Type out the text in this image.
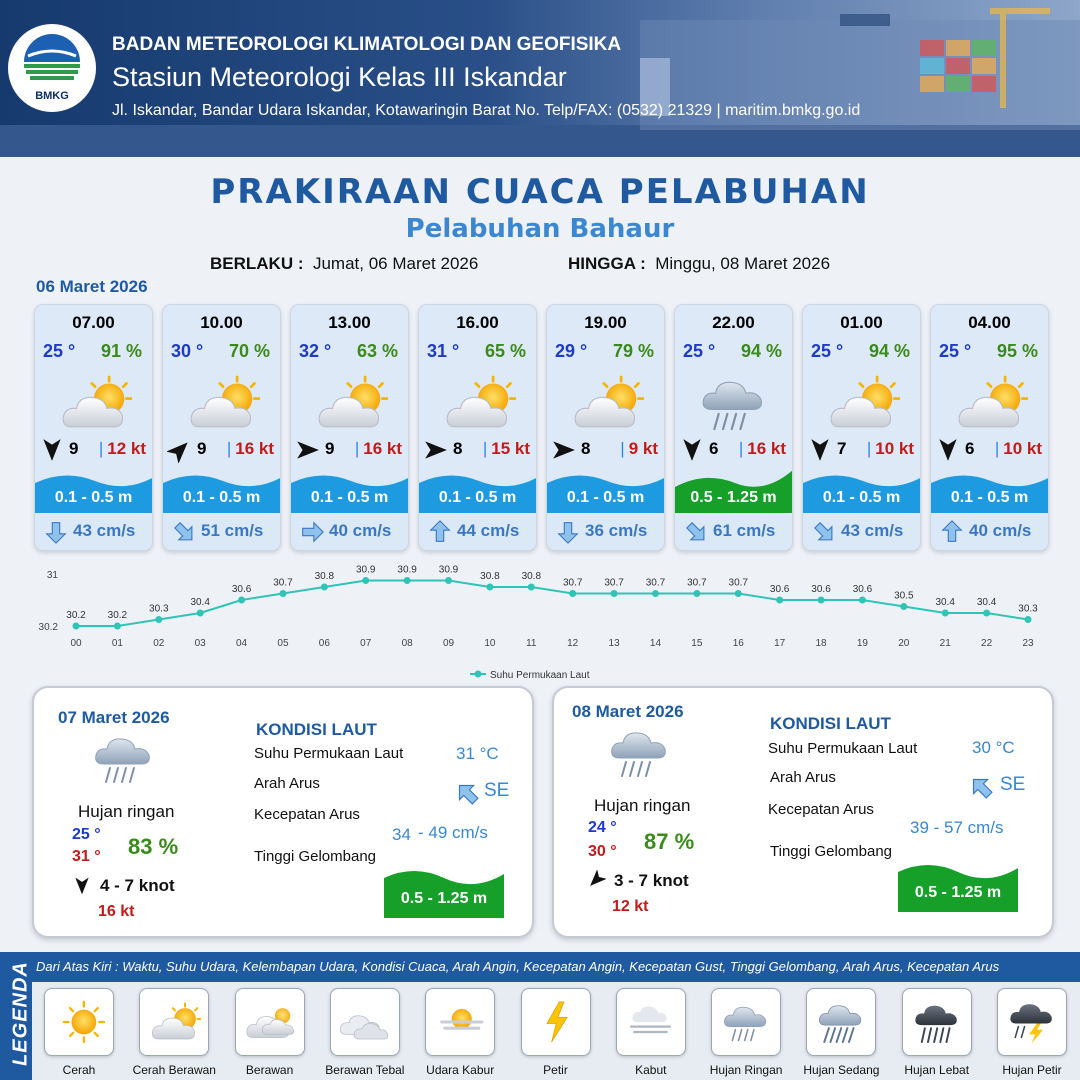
BMKG
BADAN METEOROLOGI KLIMATOLOGI DAN GEOFISIKA
Stasiun Meteorologi Kelas III Iskandar
Jl. Iskandar, Bandar Udara Iskandar, Kotawaringin Barat No. Telp/FAX: (0532) 21329 | maritim.bmkg.go.id
PRAKIRAAN CUACA PELABUHAN
Pelabuhan Bahaur
BERLAKU : Jumat, 06 Maret 2026	HINGGA : Minggu, 08 Maret 2026
06 Maret 2026
07.00
25 ° 91 %
9 | 12 kt
0.1 - 0.5 m
43 cm/s
10.00
30 ° 70 %
9 | 16 kt
0.1 - 0.5 m
51 cm/s
13.00
32 ° 63 %
9 | 16 kt
0.1 - 0.5 m
40 cm/s
16.00
31 ° 65 %
8 | 15 kt
0.1 - 0.5 m
44 cm/s
19.00
29 ° 79 %
8 | 9 kt
0.1 - 0.5 m
36 cm/s
22.00
25 ° 94 %
6 | 16 kt
0.5 - 1.25 m
61 cm/s
01.00
25 ° 94 %
7 | 10 kt
0.1 - 0.5 m
43 cm/s
04.00
25 ° 95 %
6 | 10 kt
0.1 - 0.5 m
40 cm/s
31
30.2
30.2
00
30.2
01
30.3
02
30.4
03
30.6
04
30.7
05
30.8
06
30.9
07
30.9
08
30.9
09
30.8
10
30.8
11
30.7
12
30.7
13
30.7
14
30.7
15
30.7
16
30.6
17
30.6
18
30.6
19
30.5
20
30.4
21
30.4
22
30.3
23
Suhu Permukaan Laut
07 Maret 2026
Hujan ringan
25 °
31 ° 83 %
4 - 7 knot
16 kt
KONDISI LAUT
Suhu Permukaan Laut	31 °C
Arah Arus	SE
Kecepatan Arus
34 - 49 cm/s
Tinggi Gelombang
0.5 - 1.25 m
08 Maret 2026
Hujan ringan
24 °
30 ° 87 %
3 - 7 knot
12 kt
KONDISI LAUT
Suhu Permukaan Laut	30 °C
Arah Arus	SE
Kecepatan Arus
39 - 57 cm/s
Tinggi Gelombang
0.5 - 1.25 m
LEGENDA Dari Atas Kiri : Waktu, Suhu Udara, Kelembapan Udara, Kondisi Cuaca, Arah Angin, Kecepatan Angin, Kecepatan Gust, Tinggi Gelombang, Arah Arus, Kecepatan Arus
Cerah	Cerah Berawan	Berawan	Berawan Tebal	Udara Kabur	Petir	Kabut	Hujan Ringan	Hujan Sedang	Hujan Lebat	Hujan Petir
